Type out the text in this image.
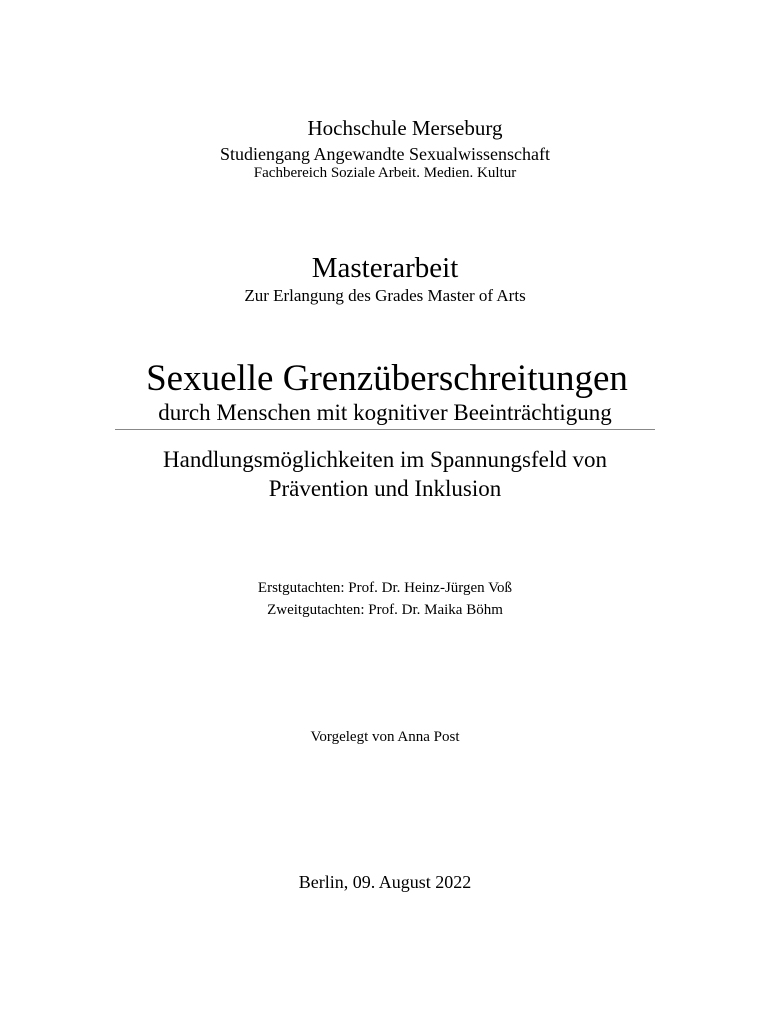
Hochschule Merseburg
Studiengang Angewandte Sexualwissenschaft
Fachbereich Soziale Arbeit. Medien. Kultur
Masterarbeit
Zur Erlangung des Grades Master of Arts
Sexuelle Grenzüberschreitungen
durch Menschen mit kognitiver Beeinträchtigung
Handlungsmöglichkeiten im Spannungsfeld von
Prävention und Inklusion
Erstgutachten: Prof. Dr. Heinz-Jürgen Voß
Zweitgutachten: Prof. Dr. Maika Böhm
Vorgelegt von Anna Post
Berlin, 09. August 2022
